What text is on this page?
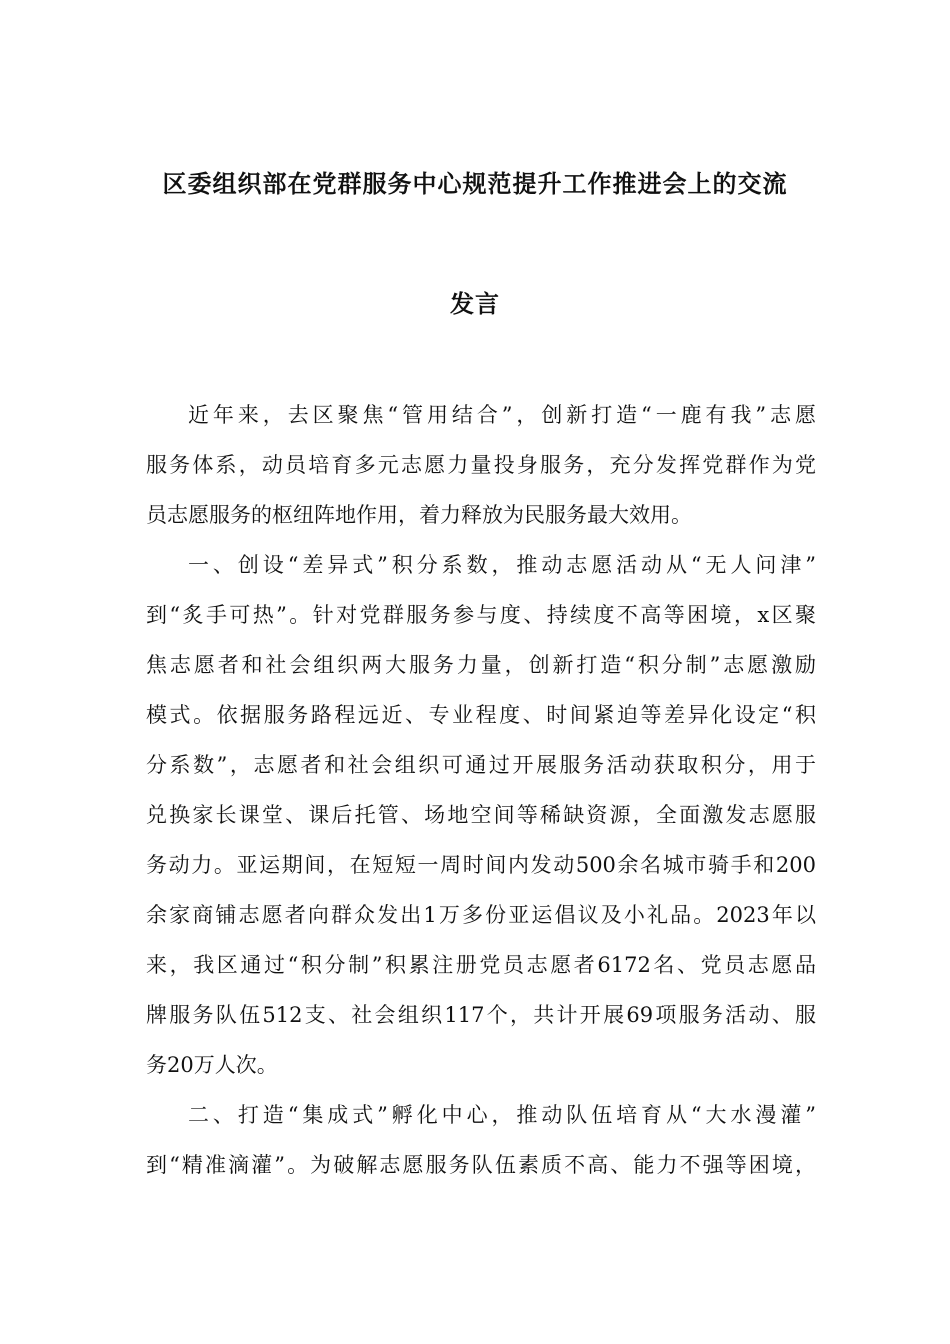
区委组织部在党群服务中心规范提升工作推进会上的交流
发言
近年来，去区聚焦“管用结合”，创新打造“一鹿有我”志愿
服务体系，动员培育多元志愿力量投身服务，充分发挥党群作为党
员志愿服务的枢纽阵地作用，着力释放为民服务最大效用。
一、创设“差异式”积分系数，推动志愿活动从“无人问津”
到“炙手可热”。针对党群服务参与度、持续度不高等困境，x区聚
焦志愿者和社会组织两大服务力量，创新打造“积分制”志愿激励
模式。依据服务路程远近、专业程度、时间紧迫等差异化设定“积
分系数”，志愿者和社会组织可通过开展服务活动获取积分，用于
兑换家长课堂、课后托管、场地空间等稀缺资源，全面激发志愿服
务动力。亚运期间，在短短一周时间内发动500余名城市骑手和200
余家商铺志愿者向群众发出1万多份亚运倡议及小礼品。2023年以
来，我区通过“积分制”积累注册党员志愿者6172名、党员志愿品
牌服务队伍512支、社会组织117个，共计开展69项服务活动、服
务20万人次。
二、打造“集成式”孵化中心，推动队伍培育从“大水漫灌”
到“精准滴灌”。为破解志愿服务队伍素质不高、能力不强等困境，
